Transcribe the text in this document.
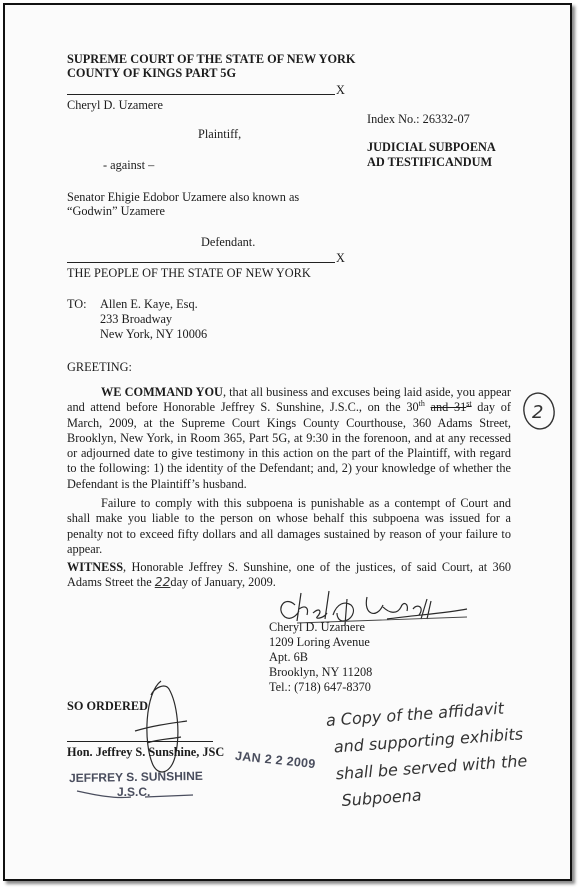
SUPREME COURT OF THE STATE OF NEW YORK
COUNTY OF KINGS PART 5G
X
Cheryl D. Uzamere
Plaintiff,
- against –
Senator Ehigie Edobor Uzamere also known as
“Godwin” Uzamere
Defendant.
X
THE PEOPLE OF THE STATE OF NEW YORK
Index No.: 26332-07
JUDICIAL SUBPOENA
AD TESTIFICANDUM
TO: Allen E. Kaye, Esq.
233 Broadway
New York, NY 10006
GREETING:
WE COMMAND YOU, that all business and excuses being laid aside, you appear and attend before Honorable Jeffrey S. Sunshine, J.S.C., on the 30th and 31st day of March, 2009, at the Supreme Court Kings County Courthouse, 360 Adams Street, Brooklyn, New York, in Room 365, Part 5G, at 9:30 in the forenoon, and at any recessed or adjourned date to give testimony in this action on the part of the Plaintiff, with regard to the following: 1) the identity of the Defendant; and, 2) your knowledge of whether the Defendant is the Plaintiff’s husband.
2
Failure to comply with this subpoena is punishable as a contempt of Court and shall make you liable to the person on whose behalf this subpoena was issued for a penalty not to exceed fifty dollars and all damages sustained by reason of your failure to appear.
WITNESS, Honorable Jeffrey S. Sunshine, one of the justices, of said Court, at 360 Adams Street the 22day of January, 2009.
Cheryl D. Uzamere
1209 Loring Avenue
Apt. 6B
Brooklyn, NY 11208
Tel.: (718) 647-8370
SO ORDERED
Hon. Jeffrey S. Sunshine, JSC
JEFFREY S. SUNSHINE
J.S.C.
JAN 2 2 2009
a Copy of the affidavit
and supporting exhibits
shall be served with the
Subpoena
